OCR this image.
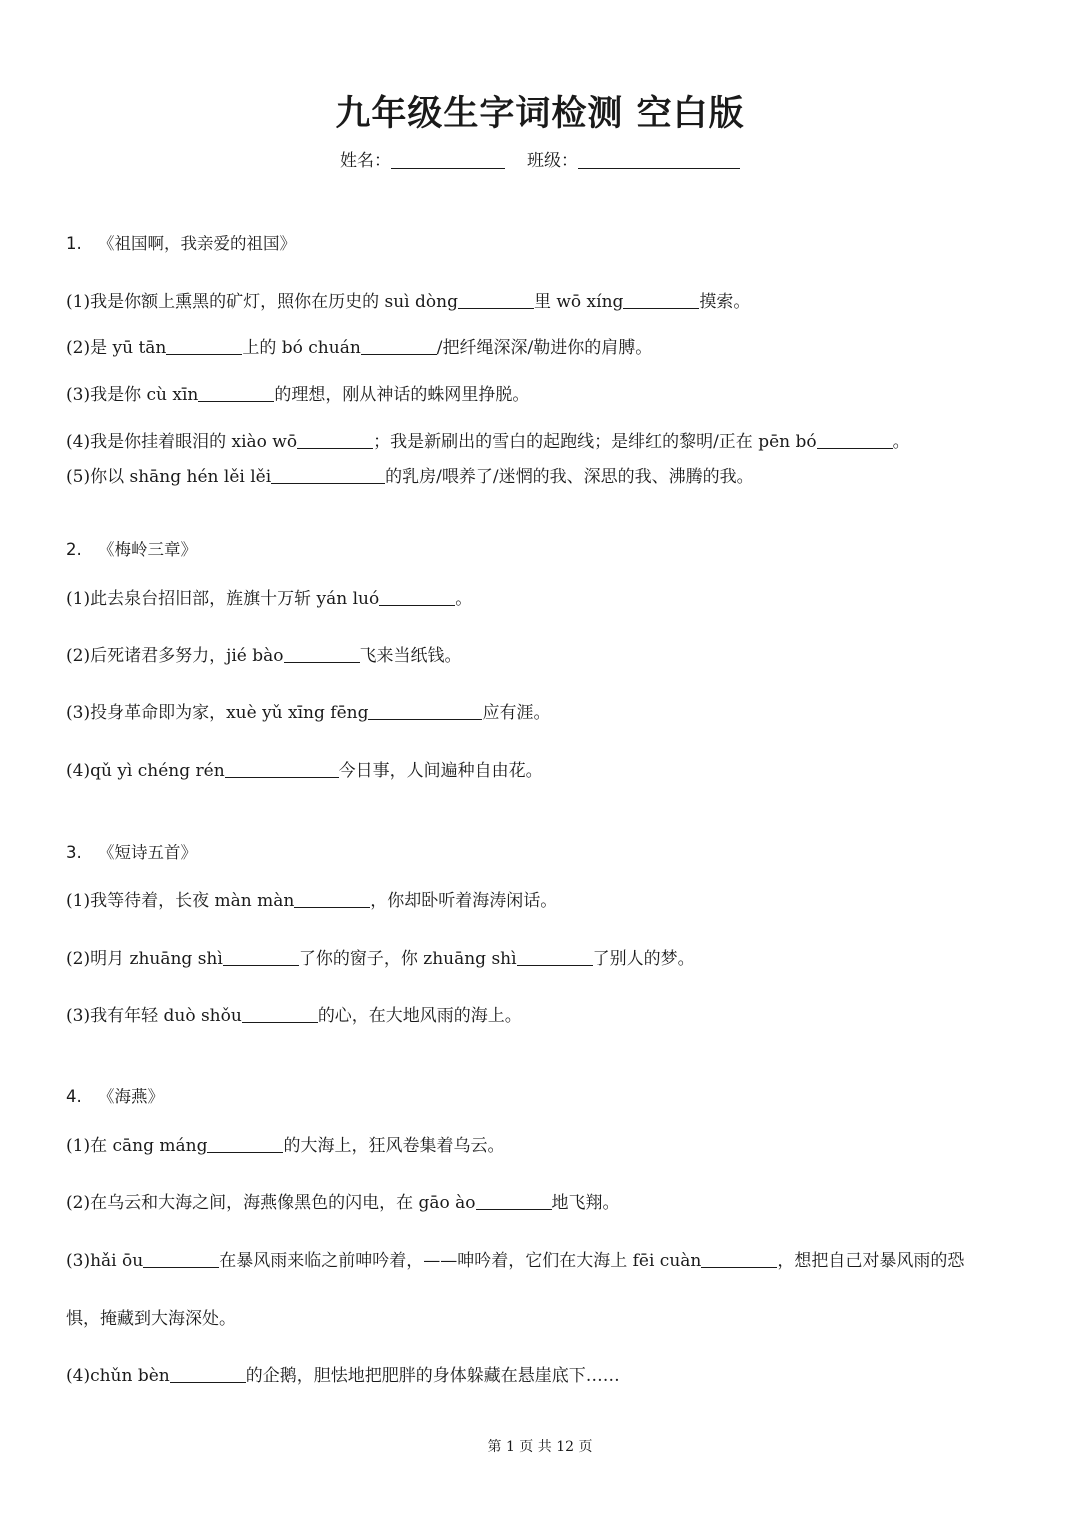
九年级生字词检测 空白版
姓名：	班级：
1. 《祖国啊，我亲爱的祖国》
(1)我是你额上熏黑的矿灯，照你在历史的 suì dòng	里 wō xíng	摸索。
(2)是 yū tān	上的 bó chuán	/把纤绳深深/勒进你的肩膊。
(3)我是你 cù xīn	的理想，刚从神话的蛛网里挣脱。
(4)我是你挂着眼泪的 xiào wō	；我是新刷出的雪白的起跑线；是绯红的黎明/正在 pēn bó	。
(5)你以 shāng hén lěi lěi	的乳房/喂养了/迷惘的我、深思的我、沸腾的我。
2. 《梅岭三章》
(1)此去泉台招旧部，旌旗十万斩 yán luó	。
(2)后死诸君多努力，jié bào	飞来当纸钱。
(3)投身革命即为家，xuè yǔ xīng fēng	应有涯。
(4)qǔ yì chéng rén	今日事，人间遍种自由花。
3. 《短诗五首》
(1)我等待着，长夜 màn màn	，你却卧听着海涛闲话。
(2)明月 zhuāng shì	了你的窗子，你 zhuāng shì	了别人的梦。
(3)我有年轻 duò shǒu	的心，在大地风雨的海上。
4. 《海燕》
(1)在 cāng máng	的大海上，狂风卷集着乌云。
(2)在乌云和大海之间，海燕像黑色的闪电，在 gāo ào	地飞翔。
(3)hǎi ōu	在暴风雨来临之前呻吟着，——呻吟着，它们在大海上 fēi cuàn	，想把自己对暴风雨的恐
惧，掩藏到大海深处。
(4)chǔn bèn	的企鹅，胆怯地把肥胖的身体躲藏在悬崖底下……
第 1 页 共 12 页
